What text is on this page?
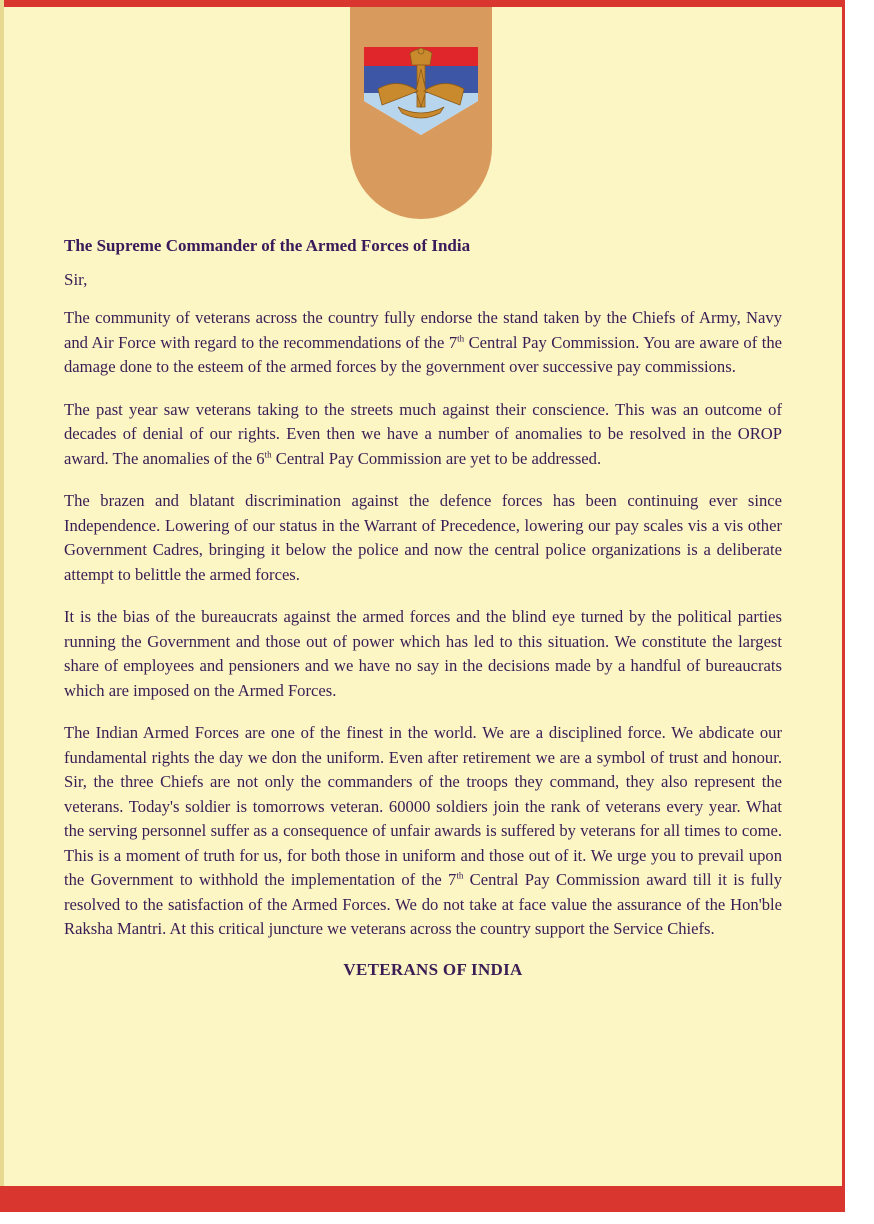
The Supreme Commander of the Armed Forces of India

Sir,

The community of veterans across the country fully endorse the stand taken by the Chiefs of Army, Navy and Air Force with regard to the recommendations of the 7th Central Pay Commission. You are aware of the damage done to the esteem of the armed forces by the government over successive pay commissions.

The past year saw veterans taking to the streets much against their conscience. This was an outcome of decades of denial of our rights. Even then we have a number of anomalies to be resolved in the OROP award. The anomalies of the 6th Central Pay Commission are yet to be addressed.

The brazen and blatant discrimination against the defence forces has been continuing ever since Independence. Lowering of our status in the Warrant of Precedence, lowering our pay scales vis a vis other Government Cadres, bringing it below the police and now the central police organizations is a deliberate attempt to belittle the armed forces.

It is the bias of the bureaucrats against the armed forces and the blind eye turned by the political parties running the Government and those out of power which has led to this situation. We constitute the largest share of employees and pensioners and we have no say in the decisions made by a handful of bureaucrats which are imposed on the Armed Forces.

The Indian Armed Forces are one of the finest in the world. We are a disciplined force. We abdicate our fundamental rights the day we don the uniform. Even after retirement we are a symbol of trust and honour. Sir, the three Chiefs are not only the commanders of the troops they command, they also represent the veterans. Today's soldier is tomorrows veteran. 60000 soldiers join the rank of veterans every year. What the serving personnel suffer as a consequence of unfair awards is suffered by veterans for all times to come. This is a moment of truth for us, for both those in uniform and those out of it. We urge you to prevail upon the Government to withhold the implementation of the 7th Central Pay Commission award till it is fully resolved to the satisfaction of the Armed Forces. We do not take at face value the assurance of the Hon'ble Raksha Mantri. At this critical juncture we veterans across the country support the Service Chiefs.

VETERANS OF INDIA
